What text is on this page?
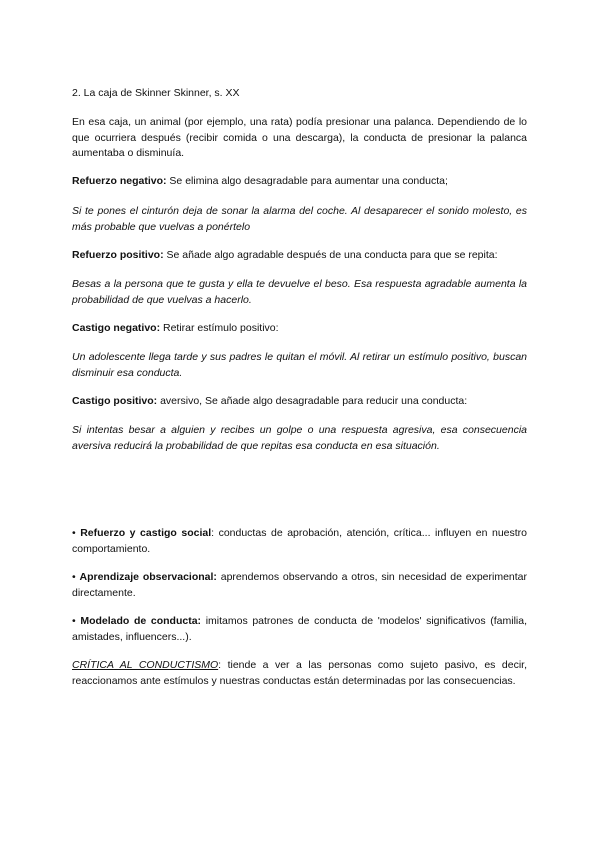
2. La caja de Skinner Skinner, s. XX
En esa caja, un animal (por ejemplo, una rata) podía presionar una palanca. Dependiendo de lo que ocurriera después (recibir comida o una descarga), la conducta de presionar la palanca aumentaba o disminuía.
Refuerzo negativo: Se elimina algo desagradable para aumentar una conducta;
Si te pones el cinturón deja de sonar la alarma del coche. Al desaparecer el sonido molesto, es más probable que vuelvas a ponértelo
Refuerzo positivo: Se añade algo agradable después de una conducta para que se repita:
Besas a la persona que te gusta y ella te devuelve el beso. Esa respuesta agradable aumenta la probabilidad de que vuelvas a hacerlo.
Castigo negativo: Retirar estímulo positivo:
Un adolescente llega tarde y sus padres le quitan el móvil. Al retirar un estímulo positivo, buscan disminuir esa conducta.
Castigo positivo: aversivo, Se añade algo desagradable para reducir una conducta:
Si intentas besar a alguien y recibes un golpe o una respuesta agresiva, esa consecuencia aversiva reducirá la probabilidad de que repitas esa conducta en esa situación.
• Refuerzo y castigo social: conductas de aprobación, atención, crítica... influyen en nuestro comportamiento.
• Aprendizaje observacional: aprendemos observando a otros, sin necesidad de experimentar directamente.
• Modelado de conducta: imitamos patrones de conducta de 'modelos' significativos (familia, amistades, influencers...).
CRÍTICA AL CONDUCTISMO: tiende a ver a las personas como sujeto pasivo, es decir, reaccionamos ante estímulos y nuestras conductas están determinadas por las consecuencias.
